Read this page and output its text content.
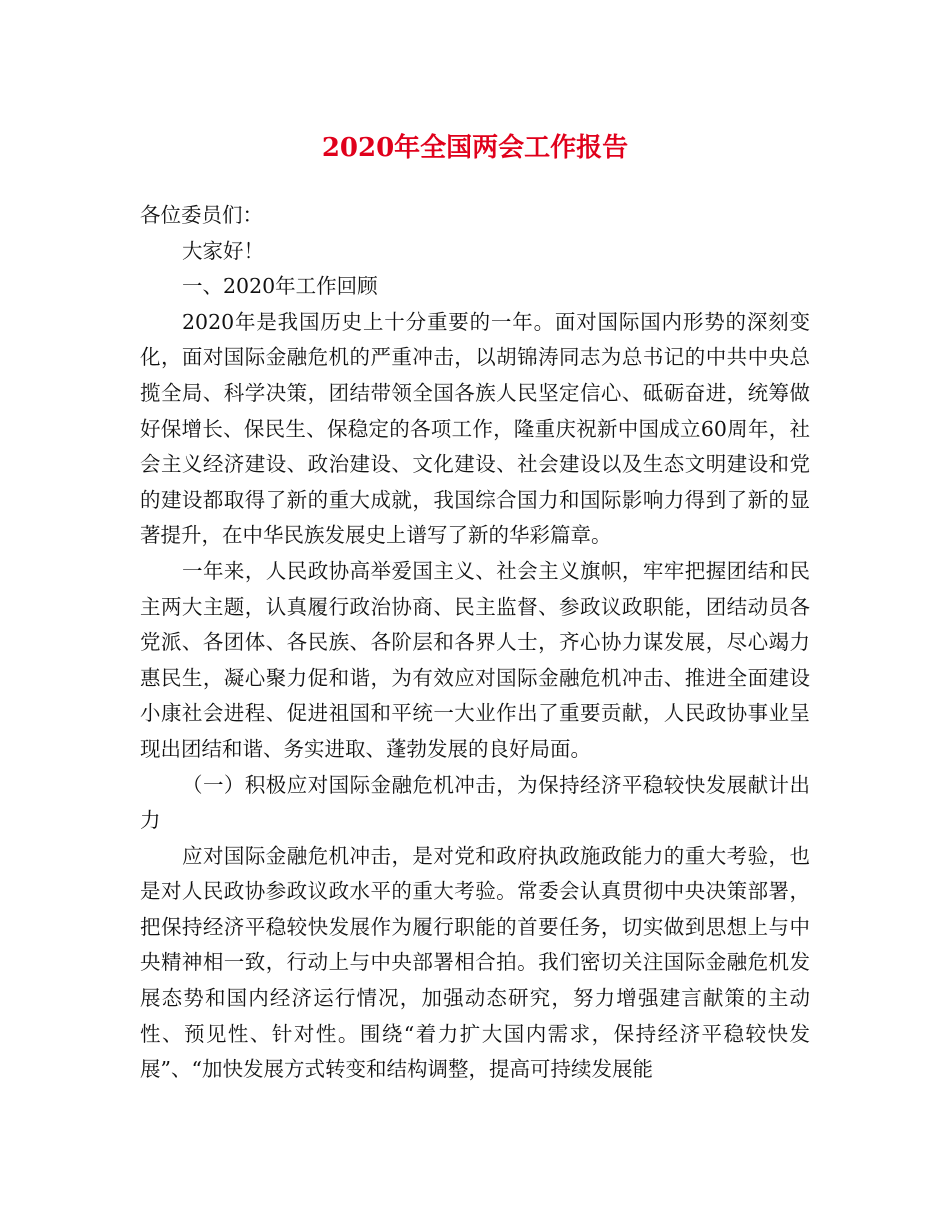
2020年全国两会工作报告

各位委员们：

大家好！

一、2020年工作回顾

2020年是我国历史上十分重要的一年。面对国际国内形势的深刻变化，面对国际金融危机的严重冲击，以胡锦涛同志为总书记的中共中央总揽全局、科学决策，团结带领全国各族人民坚定信心、砥砺奋进，统筹做好保增长、保民生、保稳定的各项工作，隆重庆祝新中国成立60周年，社会主义经济建设、政治建设、文化建设、社会建设以及生态文明建设和党的建设都取得了新的重大成就，我国综合国力和国际影响力得到了新的显著提升，在中华民族发展史上谱写了新的华彩篇章。

一年来，人民政协高举爱国主义、社会主义旗帜，牢牢把握团结和民主两大主题，认真履行政治协商、民主监督、参政议政职能，团结动员各党派、各团体、各民族、各阶层和各界人士，齐心协力谋发展，尽心竭力惠民生，凝心聚力促和谐，为有效应对国际金融危机冲击、推进全面建设小康社会进程、促进祖国和平统一大业作出了重要贡献，人民政协事业呈现出团结和谐、务实进取、蓬勃发展的良好局面。

（一）积极应对国际金融危机冲击，为保持经济平稳较快发展献计出力

应对国际金融危机冲击，是对党和政府执政施政能力的重大考验，也是对人民政协参政议政水平的重大考验。常委会认真贯彻中央决策部署，把保持经济平稳较快发展作为履行职能的首要任务，切实做到思想上与中央精神相一致，行动上与中央部署相合拍。我们密切关注国际金融危机发展态势和国内经济运行情况，加强动态研究，努力增强建言献策的主动性、预见性、针对性。围绕“着力扩大国内需求，保持经济平稳较快发展”、“加快发展方式转变和结构调整，提高可持续发展能
